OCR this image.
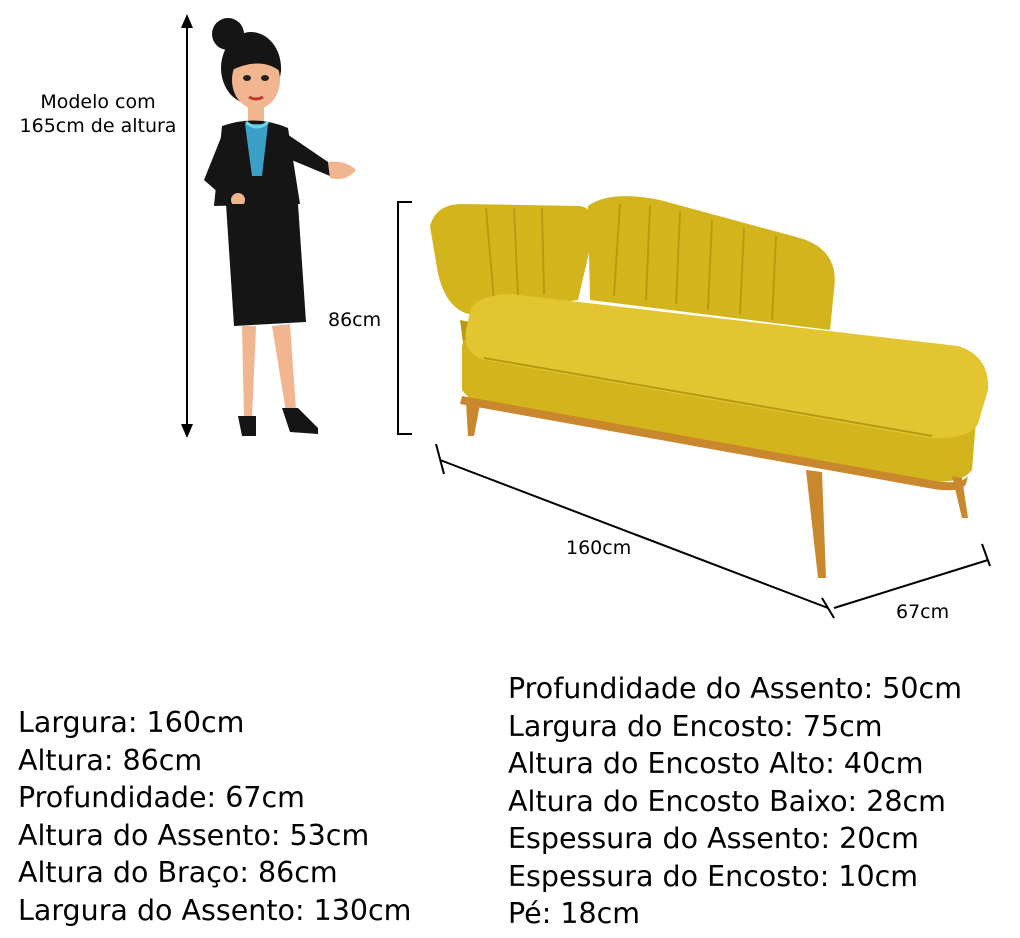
Modelo com
165cm de altura
86cm
160cm
67cm
Largura: 160cm
Altura: 86cm
Profundidade: 67cm
Altura do Assento: 53cm
Altura do Braço: 86cm
Largura do Assento: 130cm
Profundidade do Assento: 50cm
Largura do Encosto: 75cm
Altura do Encosto Alto: 40cm
Altura do Encosto Baixo: 28cm
Espessura do Assento: 20cm
Espessura do Encosto: 10cm
Pé: 18cm
